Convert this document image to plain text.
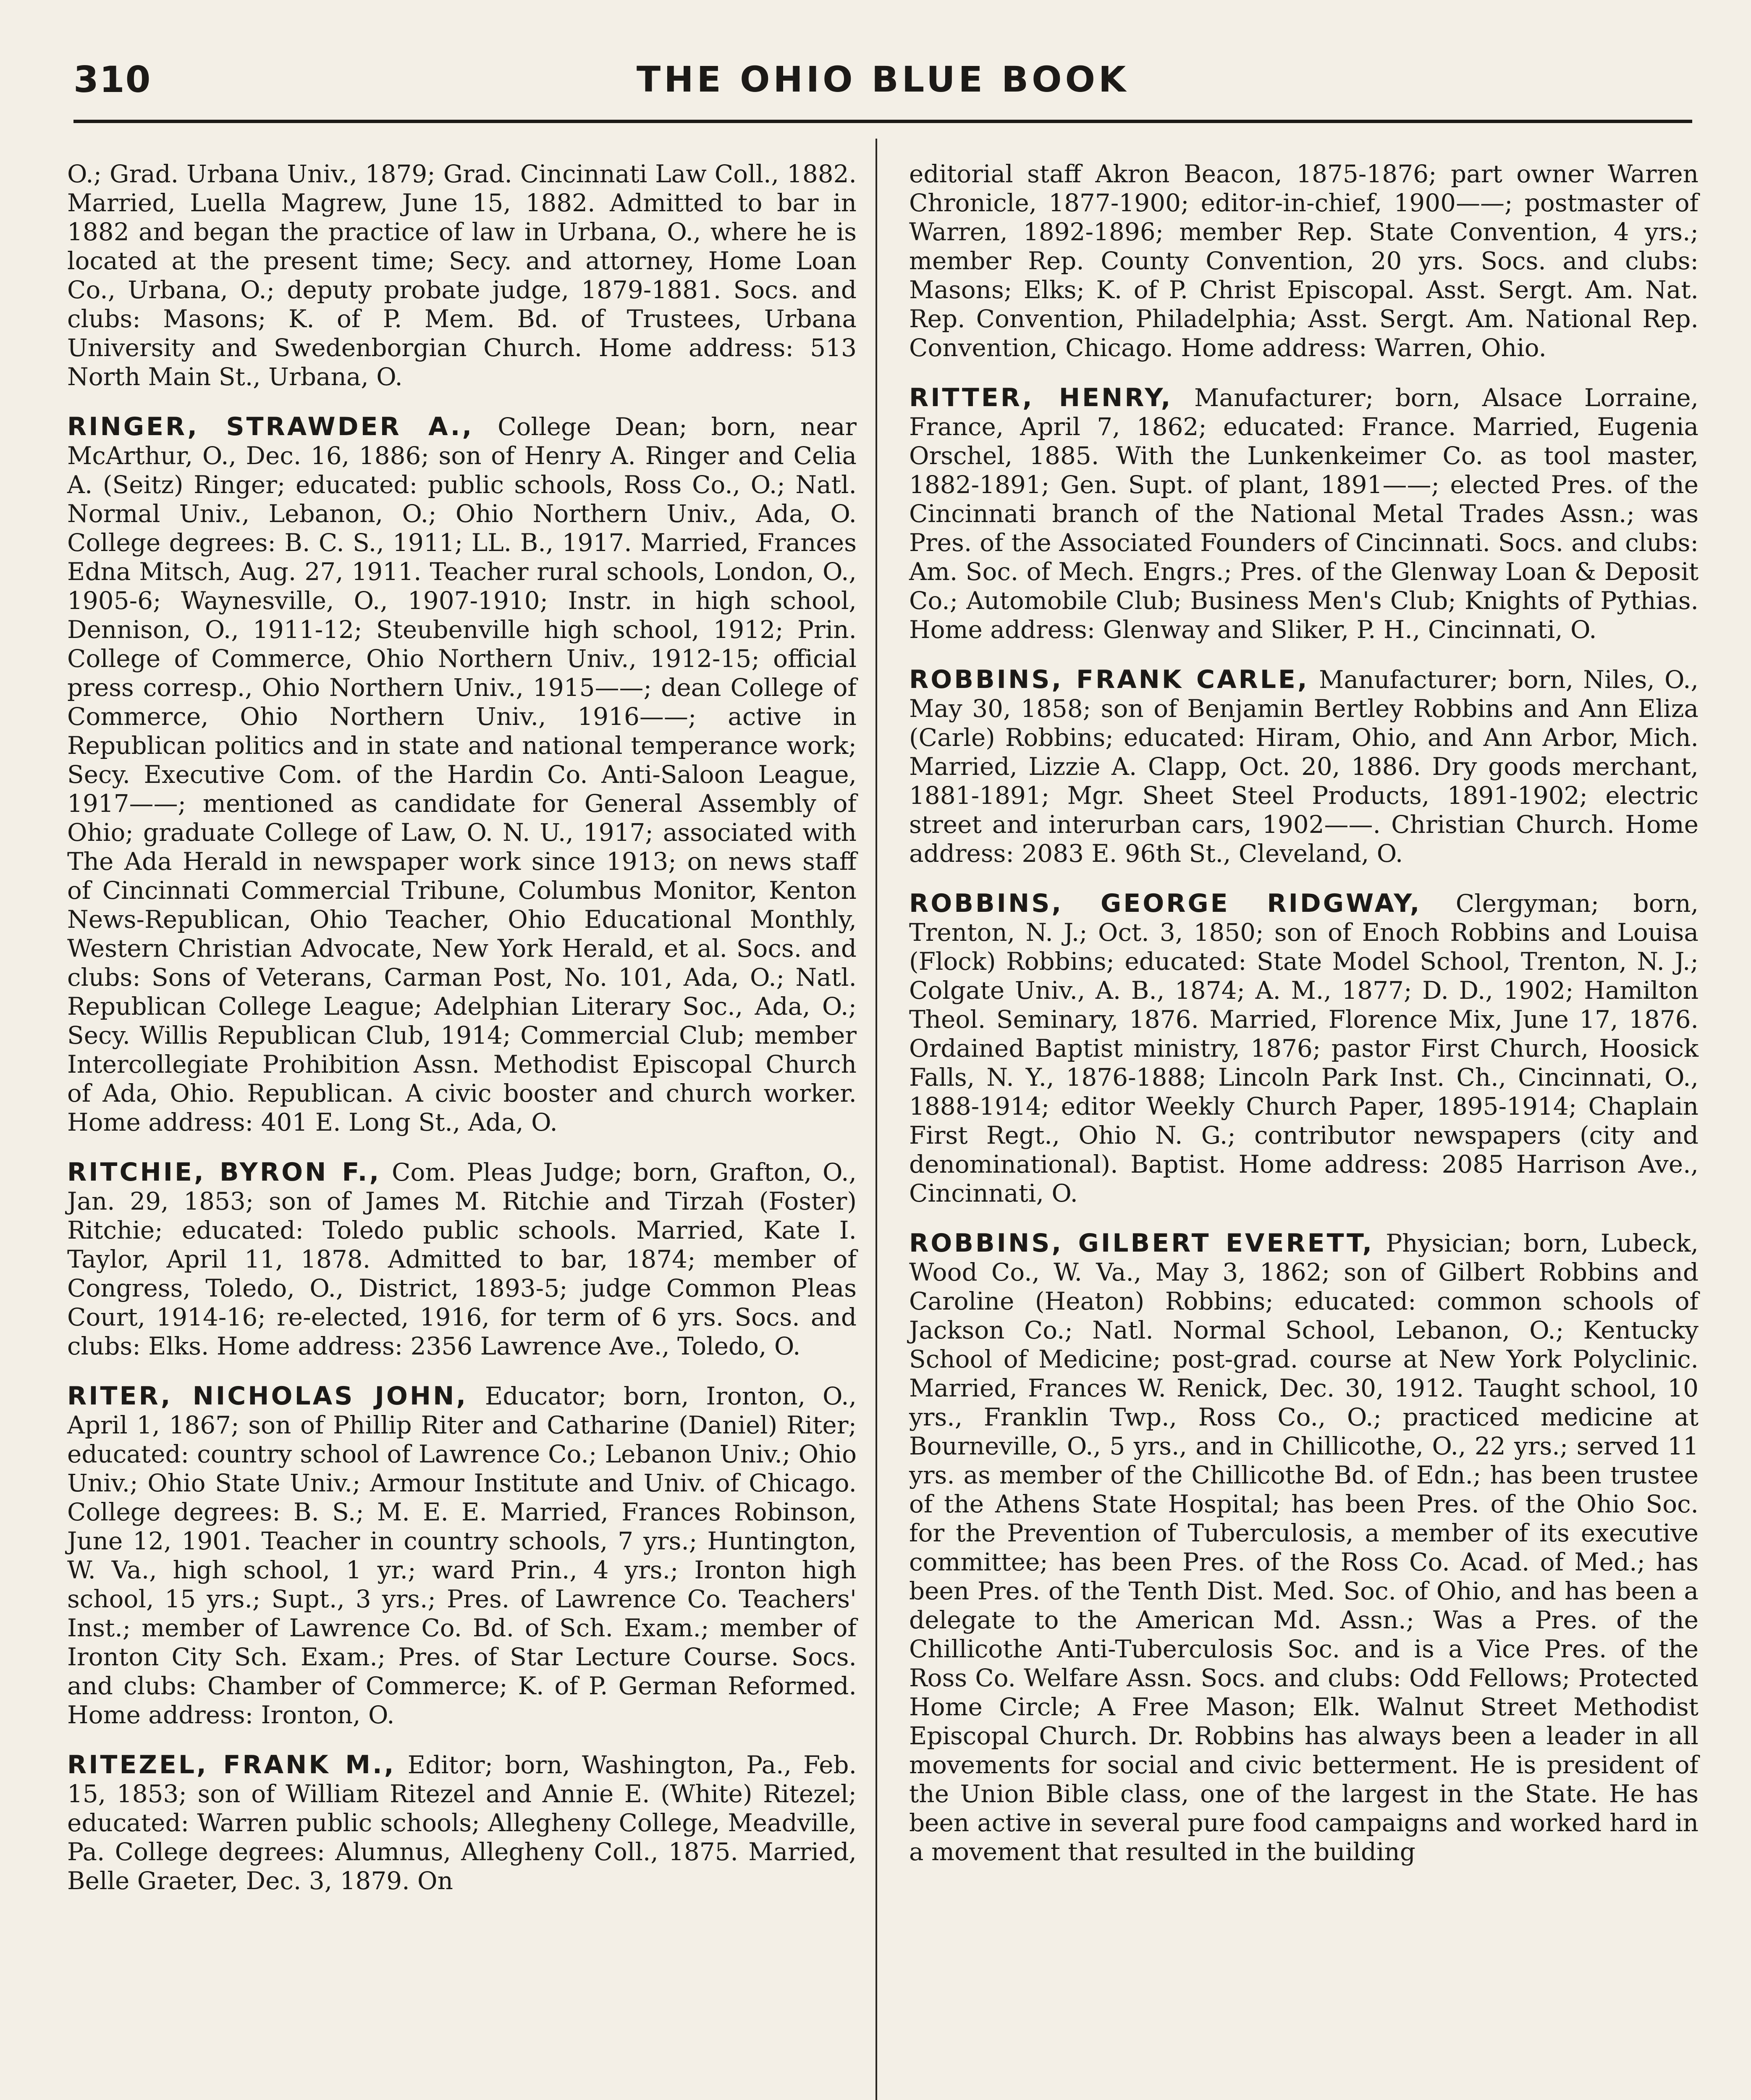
310	THE OHIO BLUE BOOK

O.; Grad. Urbana Univ., 1879; Grad. Cincinnati Law Coll., 1882. Married, Luella Magrew, June 15, 1882. Admitted to bar in 1882 and began the practice of law in Urbana, O., where he is located at the present time; Secy. and attorney, Home Loan Co., Urbana, O.; deputy probate judge, 1879-1881. Socs. and clubs: Masons; K. of P. Mem. Bd. of Trustees, Urbana University and Swedenborgian Church. Home address: 513 North Main St., Urbana, O.

RINGER, STRAWDER A., College Dean; born, near McArthur, O., Dec. 16, 1886; son of Henry A. Ringer and Celia A. (Seitz) Ringer; educated: public schools, Ross Co., O.; Natl. Normal Univ., Lebanon, O.; Ohio Northern Univ., Ada, O. College degrees: B. C. S., 1911; LL. B., 1917. Married, Frances Edna Mitsch, Aug. 27, 1911. Teacher rural schools, London, O., 1905-6; Waynesville, O., 1907-1910; Instr. in high school, Dennison, O., 1911-12; Steubenville high school, 1912; Prin. College of Commerce, Ohio Northern Univ., 1912-15; official press corresp., Ohio Northern Univ., 1915——; dean College of Commerce, Ohio Northern Univ., 1916——; active in Republican politics and in state and national temperance work; Secy. Executive Com. of the Hardin Co. Anti-Saloon League, 1917——; mentioned as candidate for General Assembly of Ohio; graduate College of Law, O. N. U., 1917; associated with The Ada Herald in newspaper work since 1913; on news staff of Cincinnati Commercial Tribune, Columbus Monitor, Kenton News-Republican, Ohio Teacher, Ohio Educational Monthly, Western Christian Advocate, New York Herald, et al. Socs. and clubs: Sons of Veterans, Carman Post, No. 101, Ada, O.; Natl. Republican College League; Adelphian Literary Soc., Ada, O.; Secy. Willis Republican Club, 1914; Commercial Club; member Intercollegiate Prohibition Assn. Methodist Episcopal Church of Ada, Ohio. Republican. A civic booster and church worker. Home address: 401 E. Long St., Ada, O.

RITCHIE, BYRON F., Com. Pleas Judge; born, Grafton, O., Jan. 29, 1853; son of James M. Ritchie and Tirzah (Foster) Ritchie; educated: Toledo public schools. Married, Kate I. Taylor, April 11, 1878. Admitted to bar, 1874; member of Congress, Toledo, O., District, 1893-5; judge Common Pleas Court, 1914-16; re-elected, 1916, for term of 6 yrs. Socs. and clubs: Elks. Home address: 2356 Lawrence Ave., Toledo, O.

RITER, NICHOLAS JOHN, Educator; born, Ironton, O., April 1, 1867; son of Phillip Riter and Catharine (Daniel) Riter; educated: country school of Lawrence Co.; Lebanon Univ.; Ohio Univ.; Ohio State Univ.; Armour Institute and Univ. of Chicago. College degrees: B. S.; M. E. E. Married, Frances Robinson, June 12, 1901. Teacher in country schools, 7 yrs.; Huntington, W. Va., high school, 1 yr.; ward Prin., 4 yrs.; Ironton high school, 15 yrs.; Supt., 3 yrs.; Pres. of Lawrence Co. Teachers' Inst.; member of Lawrence Co. Bd. of Sch. Exam.; member of Ironton City Sch. Exam.; Pres. of Star Lecture Course. Socs. and clubs: Chamber of Commerce; K. of P. German Reformed. Home address: Ironton, O.

RITEZEL, FRANK M., Editor; born, Washington, Pa., Feb. 15, 1853; son of William Ritezel and Annie E. (White) Ritezel; educated: Warren public schools; Allegheny College, Meadville, Pa. College degrees: Alumnus, Allegheny Coll., 1875. Married, Belle Graeter, Dec. 3, 1879. On

editorial staff Akron Beacon, 1875-1876; part owner Warren Chronicle, 1877-1900; editor-in-chief, 1900——; postmaster of Warren, 1892-1896; member Rep. State Convention, 4 yrs.; member Rep. County Convention, 20 yrs. Socs. and clubs: Masons; Elks; K. of P. Christ Episcopal. Asst. Sergt. Am. Nat. Rep. Convention, Philadelphia; Asst. Sergt. Am. National Rep. Convention, Chicago. Home address: Warren, Ohio.

RITTER, HENRY, Manufacturer; born, Alsace Lorraine, France, April 7, 1862; educated: France. Married, Eugenia Orschel, 1885. With the Lunkenkeimer Co. as tool master, 1882-1891; Gen. Supt. of plant, 1891——; elected Pres. of the Cincinnati branch of the National Metal Trades Assn.; was Pres. of the Associated Founders of Cincinnati. Socs. and clubs: Am. Soc. of Mech. Engrs.; Pres. of the Glenway Loan & Deposit Co.; Automobile Club; Business Men's Club; Knights of Pythias. Home address: Glenway and Sliker, P. H., Cincinnati, O.

ROBBINS, FRANK CARLE, Manufacturer; born, Niles, O., May 30, 1858; son of Benjamin Bertley Robbins and Ann Eliza (Carle) Robbins; educated: Hiram, Ohio, and Ann Arbor, Mich. Married, Lizzie A. Clapp, Oct. 20, 1886. Dry goods merchant, 1881-1891; Mgr. Sheet Steel Products, 1891-1902; electric street and interurban cars, 1902——. Christian Church. Home address: 2083 E. 96th St., Cleveland, O.

ROBBINS, GEORGE RIDGWAY, Clergyman; born, Trenton, N. J.; Oct. 3, 1850; son of Enoch Robbins and Louisa (Flock) Robbins; educated: State Model School, Trenton, N. J.; Colgate Univ., A. B., 1874; A. M., 1877; D. D., 1902; Hamilton Theol. Seminary, 1876. Married, Florence Mix, June 17, 1876. Ordained Baptist ministry, 1876; pastor First Church, Hoosick Falls, N. Y., 1876-1888; Lincoln Park Inst. Ch., Cincinnati, O., 1888-1914; editor Weekly Church Paper, 1895-1914; Chaplain First Regt., Ohio N. G.; contributor newspapers (city and denominational). Baptist. Home address: 2085 Harrison Ave., Cincinnati, O.

ROBBINS, GILBERT EVERETT, Physician; born, Lubeck, Wood Co., W. Va., May 3, 1862; son of Gilbert Robbins and Caroline (Heaton) Robbins; educated: common schools of Jackson Co.; Natl. Normal School, Lebanon, O.; Kentucky School of Medicine; post-grad. course at New York Polyclinic. Married, Frances W. Renick, Dec. 30, 1912. Taught school, 10 yrs., Franklin Twp., Ross Co., O.; practiced medicine at Bourneville, O., 5 yrs., and in Chillicothe, O., 22 yrs.; served 11 yrs. as member of the Chillicothe Bd. of Edn.; has been trustee of the Athens State Hospital; has been Pres. of the Ohio Soc. for the Prevention of Tuberculosis, a member of its executive committee; has been Pres. of the Ross Co. Acad. of Med.; has been Pres. of the Tenth Dist. Med. Soc. of Ohio, and has been a delegate to the American Md. Assn.; Was a Pres. of the Chillicothe Anti-Tuberculosis Soc. and is a Vice Pres. of the Ross Co. Welfare Assn. Socs. and clubs: Odd Fellows; Protected Home Circle; A Free Mason; Elk. Walnut Street Methodist Episcopal Church. Dr. Robbins has always been a leader in all movements for social and civic betterment. He is president of the Union Bible class, one of the largest in the State. He has been active in several pure food campaigns and worked hard in a movement that resulted in the building
